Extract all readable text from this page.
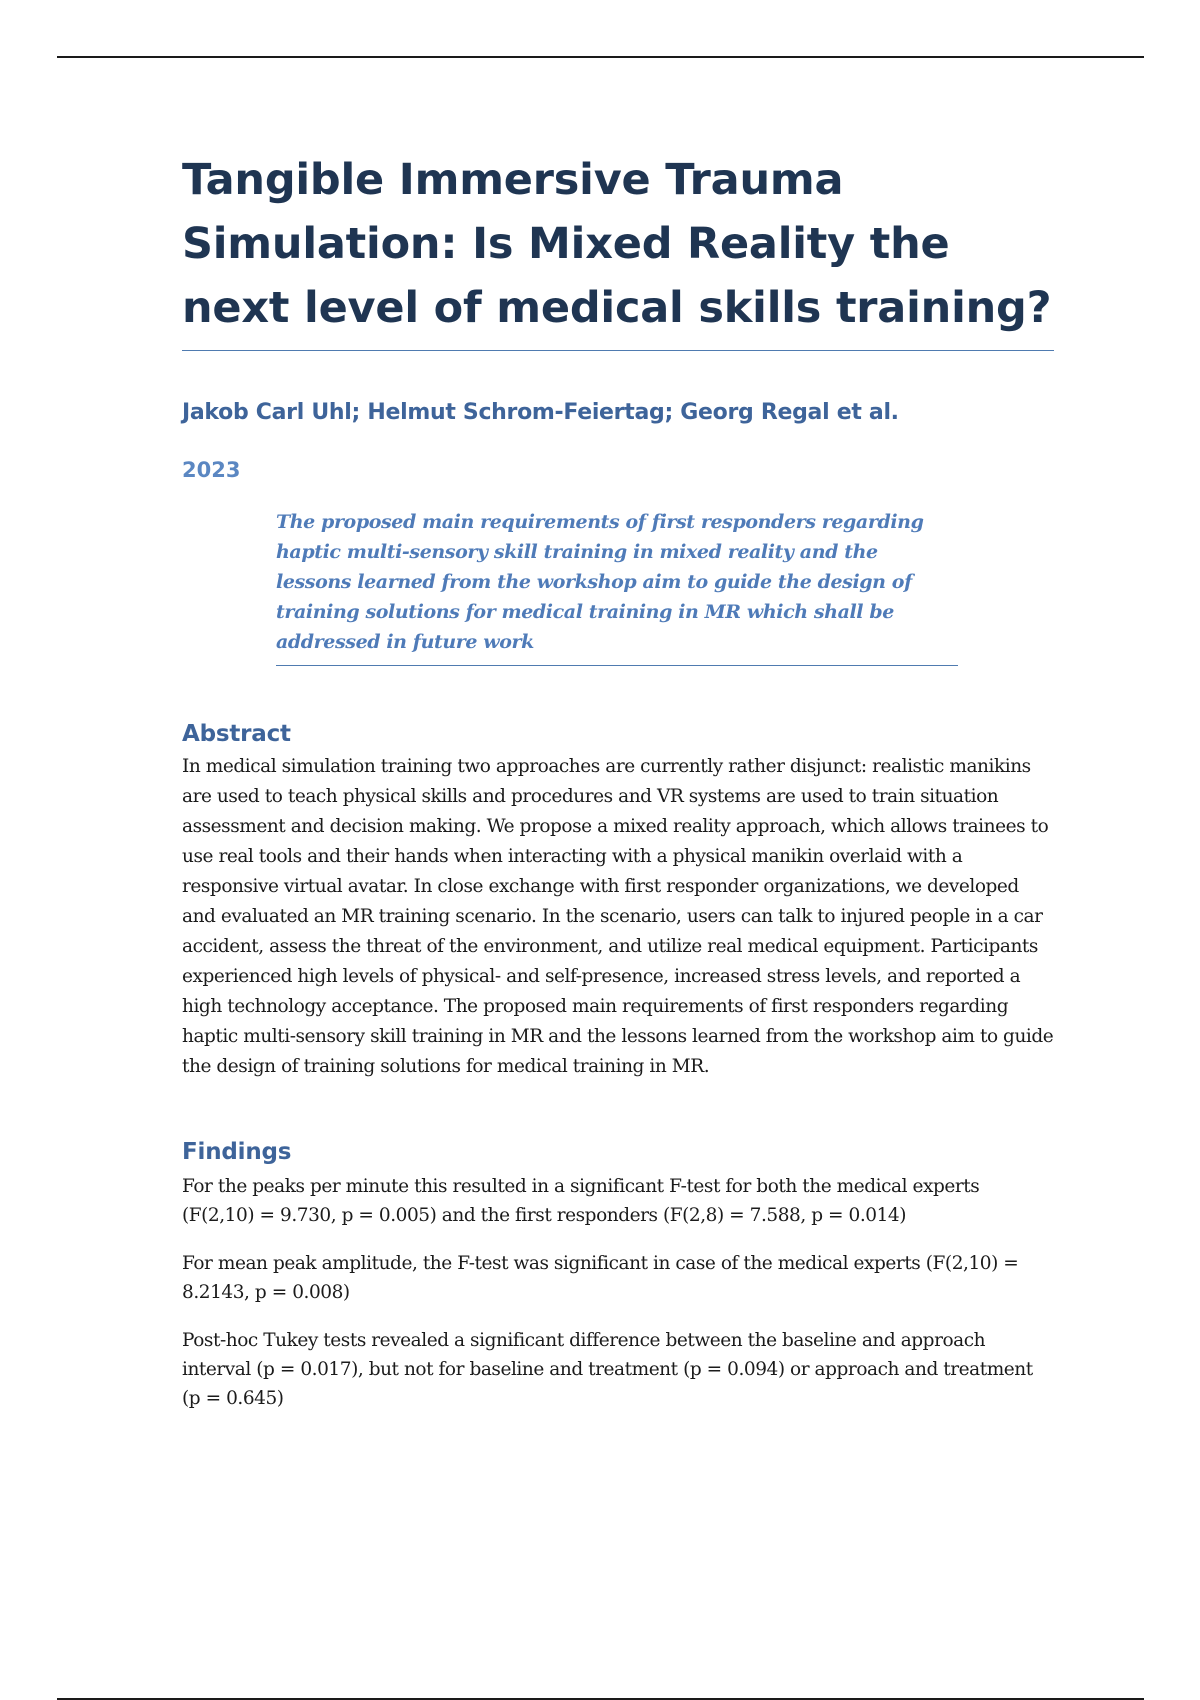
Tangible Immersive Trauma Simulation: Is Mixed Reality the next level of medical skills training?
Jakob Carl Uhl; Helmut Schrom-Feiertag; Georg Regal et al.
2023
The proposed main requirements of first responders regarding haptic multi-sensory skill training in mixed reality and the lessons learned from the workshop aim to guide the design of training solutions for medical training in MR which shall be addressed in future work
Abstract

In medical simulation training two approaches are currently rather disjunct: realistic manikins are used to teach physical skills and procedures and VR systems are used to train situation assessment and decision making. We propose a mixed reality approach, which allows trainees to use real tools and their hands when interacting with a physical manikin overlaid with a responsive virtual avatar. In close exchange with first responder organizations, we developed and evaluated an MR training scenario. In the scenario, users can talk to injured people in a car accident, assess the threat of the environment, and utilize real medical equipment. Participants experienced high levels of physical- and self-presence, increased stress levels, and reported a high technology acceptance. The proposed main requirements of first responders regarding haptic multi-sensory skill training in MR and the lessons learned from the workshop aim to guide the design of training solutions for medical training in MR.

Findings

For the peaks per minute this resulted in a significant F-test for both the medical experts (F(2,10) = 9.730, p = 0.005) and the first responders (F(2,8) = 7.588, p = 0.014)

For mean peak amplitude, the F-test was significant in case of the medical experts (F(2,10) = 8.2143, p = 0.008)

Post-hoc Tukey tests revealed a significant difference between the baseline and approach interval (p = 0.017), but not for baseline and treatment (p = 0.094) or approach and treatment (p = 0.645)
